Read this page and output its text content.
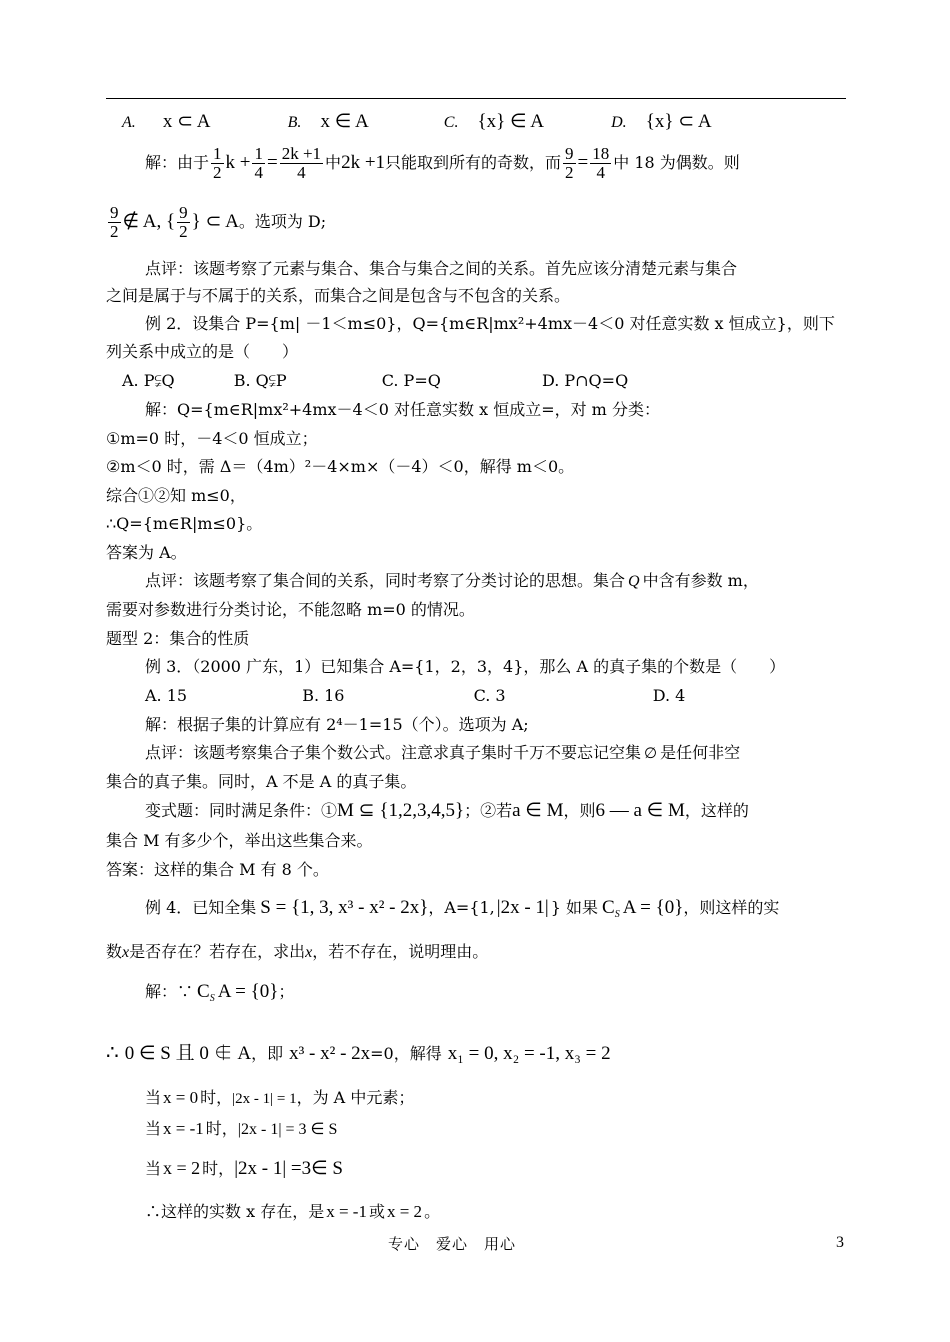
A. x ⊂ A	B. x ∈ A	C. {x} ∈ A	D. {x} ⊂ A
解：由于 $\frac{1}{2}$ $k + \frac{1}{4} = \frac{2k +1}{4}$ 中2k +1只能取到所有的奇数，而 $\frac{9}{2} = \frac{18}{4}$ 中 18 为偶数。则
$\frac{9}{2}$ ∉ A, { $\frac{9}{2}$ } ⊂ A。选项为 D;
点评：该题考察了元素与集合、集合与集合之间的关系。首先应该分清楚元素与集合
之间是属于与不属于的关系，而集合之间是包含与不包含的关系。
例 2．设集合 P={m| －1＜m≤0}，Q={m∈R|mx²+4mx－4＜0 对任意实数 x 恒成立}，则下
列关系中成立的是（　　）
A. P⫋Q	B. Q⫋P	C. P=Q	D. P∩Q=Q
解：Q={m∈R|mx²+4mx－4＜0 对任意实数 x 恒成立=，对 m 分类：
①m=0 时，－4＜0 恒成立；
②m＜0 时，需 Δ＝（4m）²－4×m×（－4）＜0，解得 m＜0。
综合①②知 m≤0，
∴Q={m∈R|m≤0}。
答案为 A。
点评：该题考察了集合间的关系，同时考察了分类讨论的思想。集合 Q 中含有参数 m，
需要对参数进行分类讨论，不能忽略 m=0 的情况。
题型 2：集合的性质
例 3．（2000 广东，1）已知集合 A={1，2，3，4}，那么 A 的真子集的个数是（　　）
A. 15	B. 16	C. 3	D. 4
解：根据子集的计算应有 2⁴－1=15（个）。选项为 A;
点评：该题考察集合子集个数公式。注意求真子集时千万不要忘记空集 ∅ 是任何非空
集合的真子集。同时，A 不是 A 的真子集。
变式题：同时满足条件：①M ⊆ {1,2,3,4,5}；②若a ∈ M，则6 — a ∈ M，这样的
集合 M 有多少个，举出这些集合来。
答案：这样的集合 M 有 8 个。
例 4．已知全集 S = {1, 3, x³ - x² - 2x}，A={1, |2x - 1| } 如果 $C_S$ A = {0}，则这样的实
数x是否存在？若存在，求出x，若不存在，说明理由。
解：∵ $C_S$ A = {0}；
∴ 0 ∈ S 且 0 ∉ A，即 x³ - x² - 2x=0，解得 x₁ = 0, x₂ = -1, x₃ = 2
当 x = 0 时，|2x - 1| = 1，为 A 中元素；
当 x = -1 时，|2x - 1| = 3 ∈ S
当 x = 2 时，|2x - 1| =3∈ S
∴这样的实数 x 存在，是 x = -1 或 x = 2 。
专心　爱心　用心	3
